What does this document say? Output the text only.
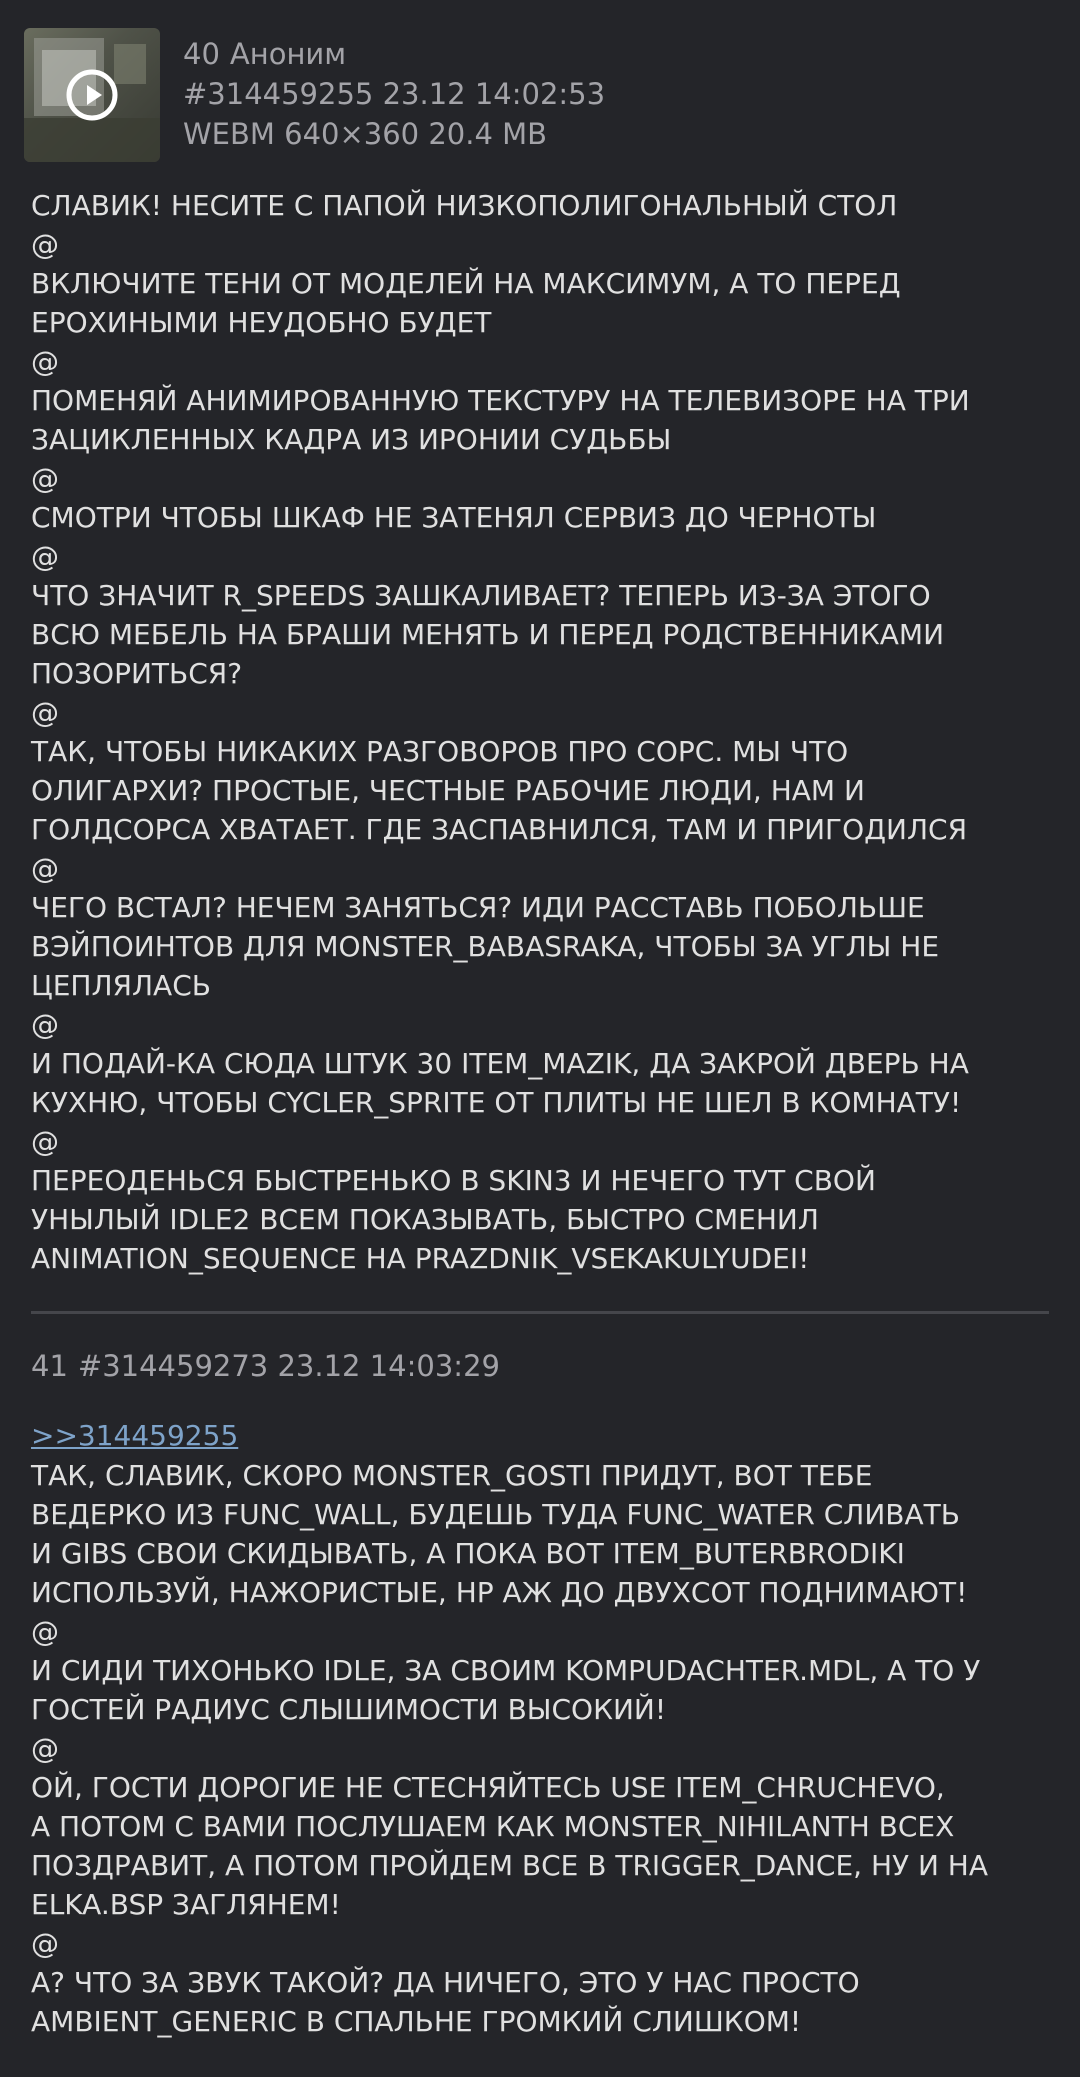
40 Аноним
#314459255 23.12 14:02:53
WEBM 640×360 20.4 MB
СЛАВИК! НЕСИТЕ С ПАПОЙ НИЗКОПОЛИГОНАЛЬНЫЙ СТОЛ
@
ВКЛЮЧИТЕ ТЕНИ ОТ МОДЕЛЕЙ НА МАКСИМУМ, А ТО ПЕРЕД
ЕРОХИНЫМИ НЕУДОБНО БУДЕТ
@
ПОМЕНЯЙ АНИМИРОВАННУЮ ТЕКСТУРУ НА ТЕЛЕВИЗОРЕ НА ТРИ
ЗАЦИКЛЕННЫХ КАДРА ИЗ ИРОНИИ СУДЬБЫ
@
СМОТРИ ЧТОБЫ ШКАФ НЕ ЗАТЕНЯЛ СЕРВИЗ ДО ЧЕРНОТЫ
@
ЧТО ЗНАЧИТ R_SPEEDS ЗАШКАЛИВАЕТ? ТЕПЕРЬ ИЗ-ЗА ЭТОГО
ВСЮ МЕБЕЛЬ НА БРАШИ МЕНЯТЬ И ПЕРЕД РОДСТВЕННИКАМИ
ПОЗОРИТЬСЯ?
@
ТАК, ЧТОБЫ НИКАКИХ РАЗГОВОРОВ ПРО СОРС. МЫ ЧТО
ОЛИГАРХИ? ПРОСТЫЕ, ЧЕСТНЫЕ РАБОЧИЕ ЛЮДИ, НАМ И
ГОЛДСОРСА ХВАТАЕТ. ГДЕ ЗАСПАВНИЛСЯ, ТАМ И ПРИГОДИЛСЯ
@
ЧЕГО ВСТАЛ? НЕЧЕМ ЗАНЯТЬСЯ? ИДИ РАССТАВЬ ПОБОЛЬШЕ
ВЭЙПОИНТОВ ДЛЯ MONSTER_BABASRAKA, ЧТОБЫ ЗА УГЛЫ НЕ
ЦЕПЛЯЛАСЬ
@
И ПОДАЙ-КА СЮДА ШТУК 30 ITEM_MAZIK, ДА ЗАКРОЙ ДВЕРЬ НА
КУХНЮ, ЧТОБЫ CYCLER_SPRITE ОТ ПЛИТЫ НЕ ШЕЛ В КОМНАТУ!
@
ПЕРЕОДЕНЬСЯ БЫСТРЕНЬКО В SKIN3 И НЕЧЕГО ТУТ СВОЙ
УНЫЛЫЙ IDLE2 ВСЕМ ПОКАЗЫВАТЬ, БЫСТРО СМЕНИЛ
ANIMATION_SEQUENCE НА PRAZDNIK_VSEKAKULYUDEI!
41 #314459273 23.12 14:03:29
>>314459255
ТАК, СЛАВИК, СКОРО MONSTER_GOSTI ПРИДУТ, ВОТ ТЕБЕ
ВЕДЕРКО ИЗ FUNC_WALL, БУДЕШЬ ТУДА FUNC_WATER СЛИВАТЬ
И GIBS СВОИ СКИДЫВАТЬ, А ПОКА ВОТ ITEM_BUTERBRODIKI
ИСПОЛЬЗУЙ, НАЖОРИСТЫЕ, HP АЖ ДО ДВУХСОТ ПОДНИМАЮТ!
@
И СИДИ ТИХОНЬКО IDLE, ЗА СВОИМ KOMPUDACHTER.MDL, А ТО У
ГОСТЕЙ РАДИУС СЛЫШИМОСТИ ВЫСОКИЙ!
@
ОЙ, ГОСТИ ДОРОГИЕ НЕ СТЕСНЯЙТЕСЬ USE ITEM_CHRUCHEVO,
А ПОТОМ С ВАМИ ПОСЛУШАЕМ КАК MONSTER_NIHILANTH ВСЕХ
ПОЗДРАВИТ, А ПОТОМ ПРОЙДЕМ ВСЕ В TRIGGER_DANCE, НУ И НА
ELKA.BSP ЗАГЛЯНЕМ!
@
А? ЧТО ЗА ЗВУК ТАКОЙ? ДА НИЧЕГО, ЭТО У НАС ПРОСТО
AMBIENT_GENERIC В СПАЛЬНЕ ГРОМКИЙ СЛИШКОМ!
